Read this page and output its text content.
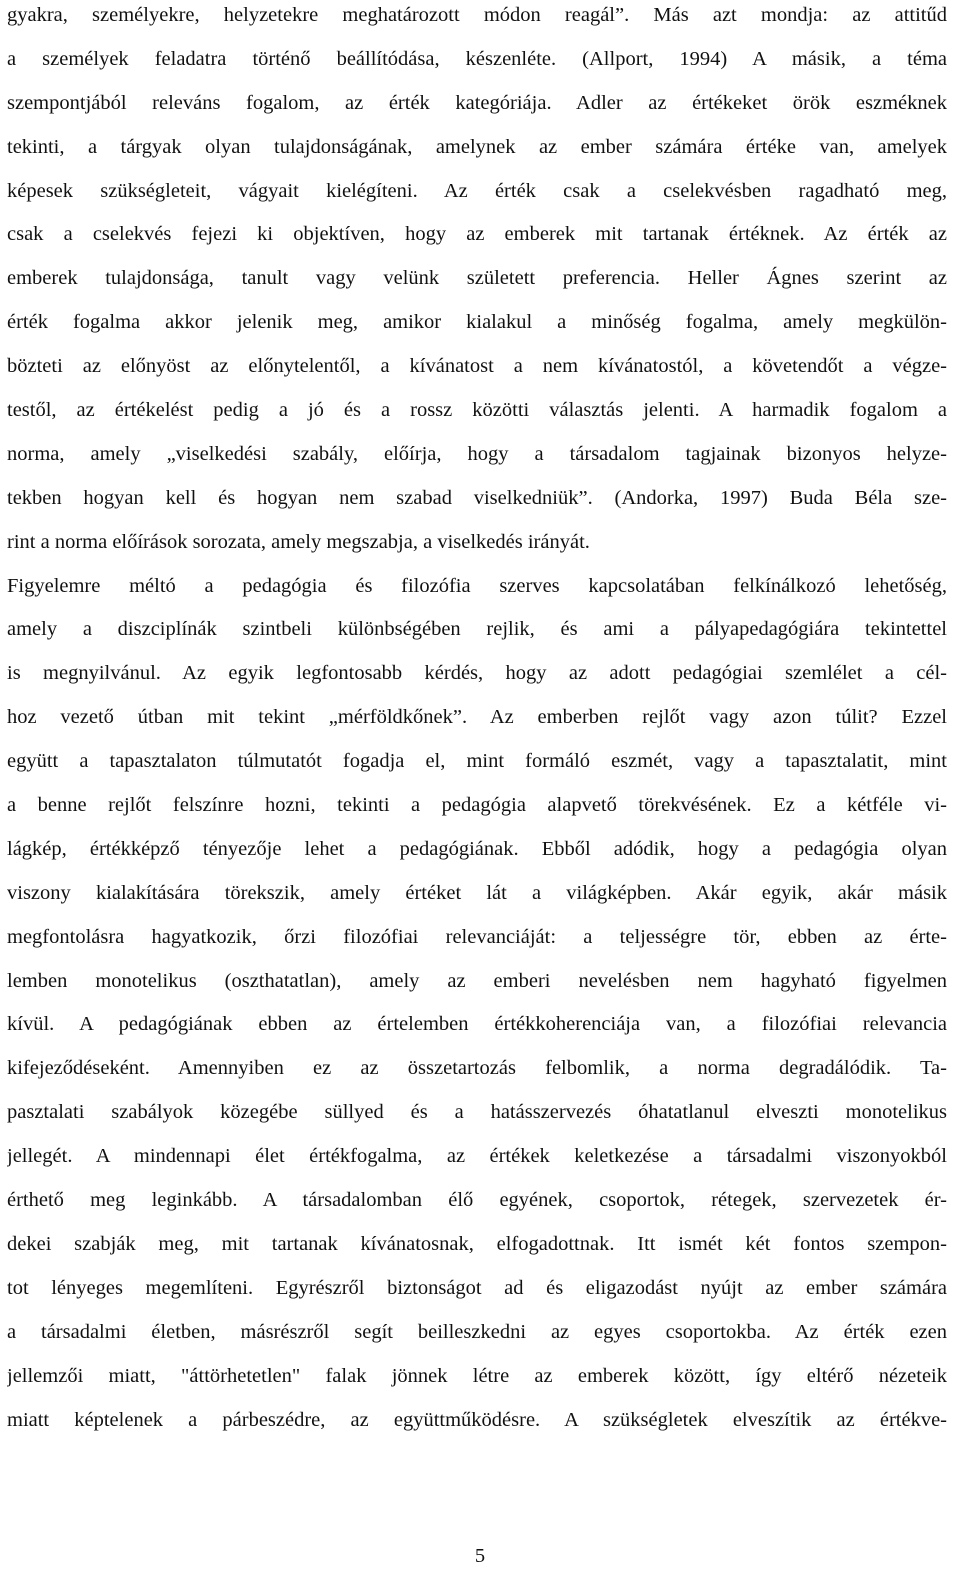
gyakra, személyekre, helyzetekre meghatározott módon reagál”. Más azt mondja: az attitűd
a személyek feladatra történő beállítódása, készenléte. (Allport, 1994) A másik, a téma
szempontjából releváns fogalom, az érték kategóriája. Adler az értékeket örök eszméknek
tekinti, a tárgyak olyan tulajdonságának, amelynek az ember számára értéke van, amelyek
képesek szükségleteit, vágyait kielégíteni. Az érték csak a cselekvésben ragadható meg,
csak a cselekvés fejezi ki objektíven, hogy az emberek mit tartanak értéknek. Az érték az
emberek tulajdonsága, tanult vagy velünk született preferencia. Heller Ágnes szerint az
érték fogalma akkor jelenik meg, amikor kialakul a minőség fogalma, amely megkülön-
bözteti az előnyöst az előnytelentől, a kívánatost a nem kívánatostól, a követendőt a végze-
testől, az értékelést pedig a jó és a rossz közötti választás jelenti. A harmadik fogalom a
norma, amely „viselkedési szabály, előírja, hogy a társadalom tagjainak bizonyos helyze-
tekben hogyan kell és hogyan nem szabad viselkedniük”. (Andorka, 1997) Buda Béla sze-
rint a norma előírások sorozata, amely megszabja, a viselkedés irányát.
Figyelemre méltó a pedagógia és filozófia szerves kapcsolatában felkínálkozó lehetőség,
amely a diszciplínák szintbeli különbségében rejlik, és ami a pályapedagógiára tekintettel
is megnyilvánul. Az egyik legfontosabb kérdés, hogy az adott pedagógiai szemlélet a cél-
hoz vezető útban mit tekint „mérföldkőnek”. Az emberben rejlőt vagy azon túlit? Ezzel
együtt a tapasztalaton túlmutatót fogadja el, mint formáló eszmét, vagy a tapasztalatit, mint
a benne rejlőt felszínre hozni, tekinti a pedagógia alapvető törekvésének. Ez a kétféle vi-
lágkép, értékképző tényezője lehet a pedagógiának. Ebből adódik, hogy a pedagógia olyan
viszony kialakítására törekszik, amely értéket lát a világképben. Akár egyik, akár másik
megfontolásra hagyatkozik, őrzi filozófiai relevanciáját: a teljességre tör, ebben az érte-
lemben monotelikus (oszthatatlan), amely az emberi nevelésben nem hagyható figyelmen
kívül. A pedagógiának ebben az értelemben értékkoherenciája van, a filozófiai relevancia
kifejeződéseként. Amennyiben ez az összetartozás felbomlik, a norma degradálódik. Ta-
pasztalati szabályok közegébe süllyed és a hatásszervezés óhatatlanul elveszti monotelikus
jellegét. A mindennapi élet értékfogalma, az értékek keletkezése a társadalmi viszonyokból
érthető meg leginkább. A társadalomban élő egyének, csoportok, rétegek, szervezetek ér-
dekei szabják meg, mit tartanak kívánatosnak, elfogadottnak. Itt ismét két fontos szempon-
tot lényeges megemlíteni. Egyrészről biztonságot ad és eligazodást nyújt az ember számára
a társadalmi életben, másrészről segít beilleszkedni az egyes csoportokba. Az érték ezen
jellemzői miatt, "áttörhetetlen" falak jönnek létre az emberek között, így eltérő nézeteik
miatt képtelenek a párbeszédre, az együttműködésre. A szükségletek elveszítik az értékve-
5
